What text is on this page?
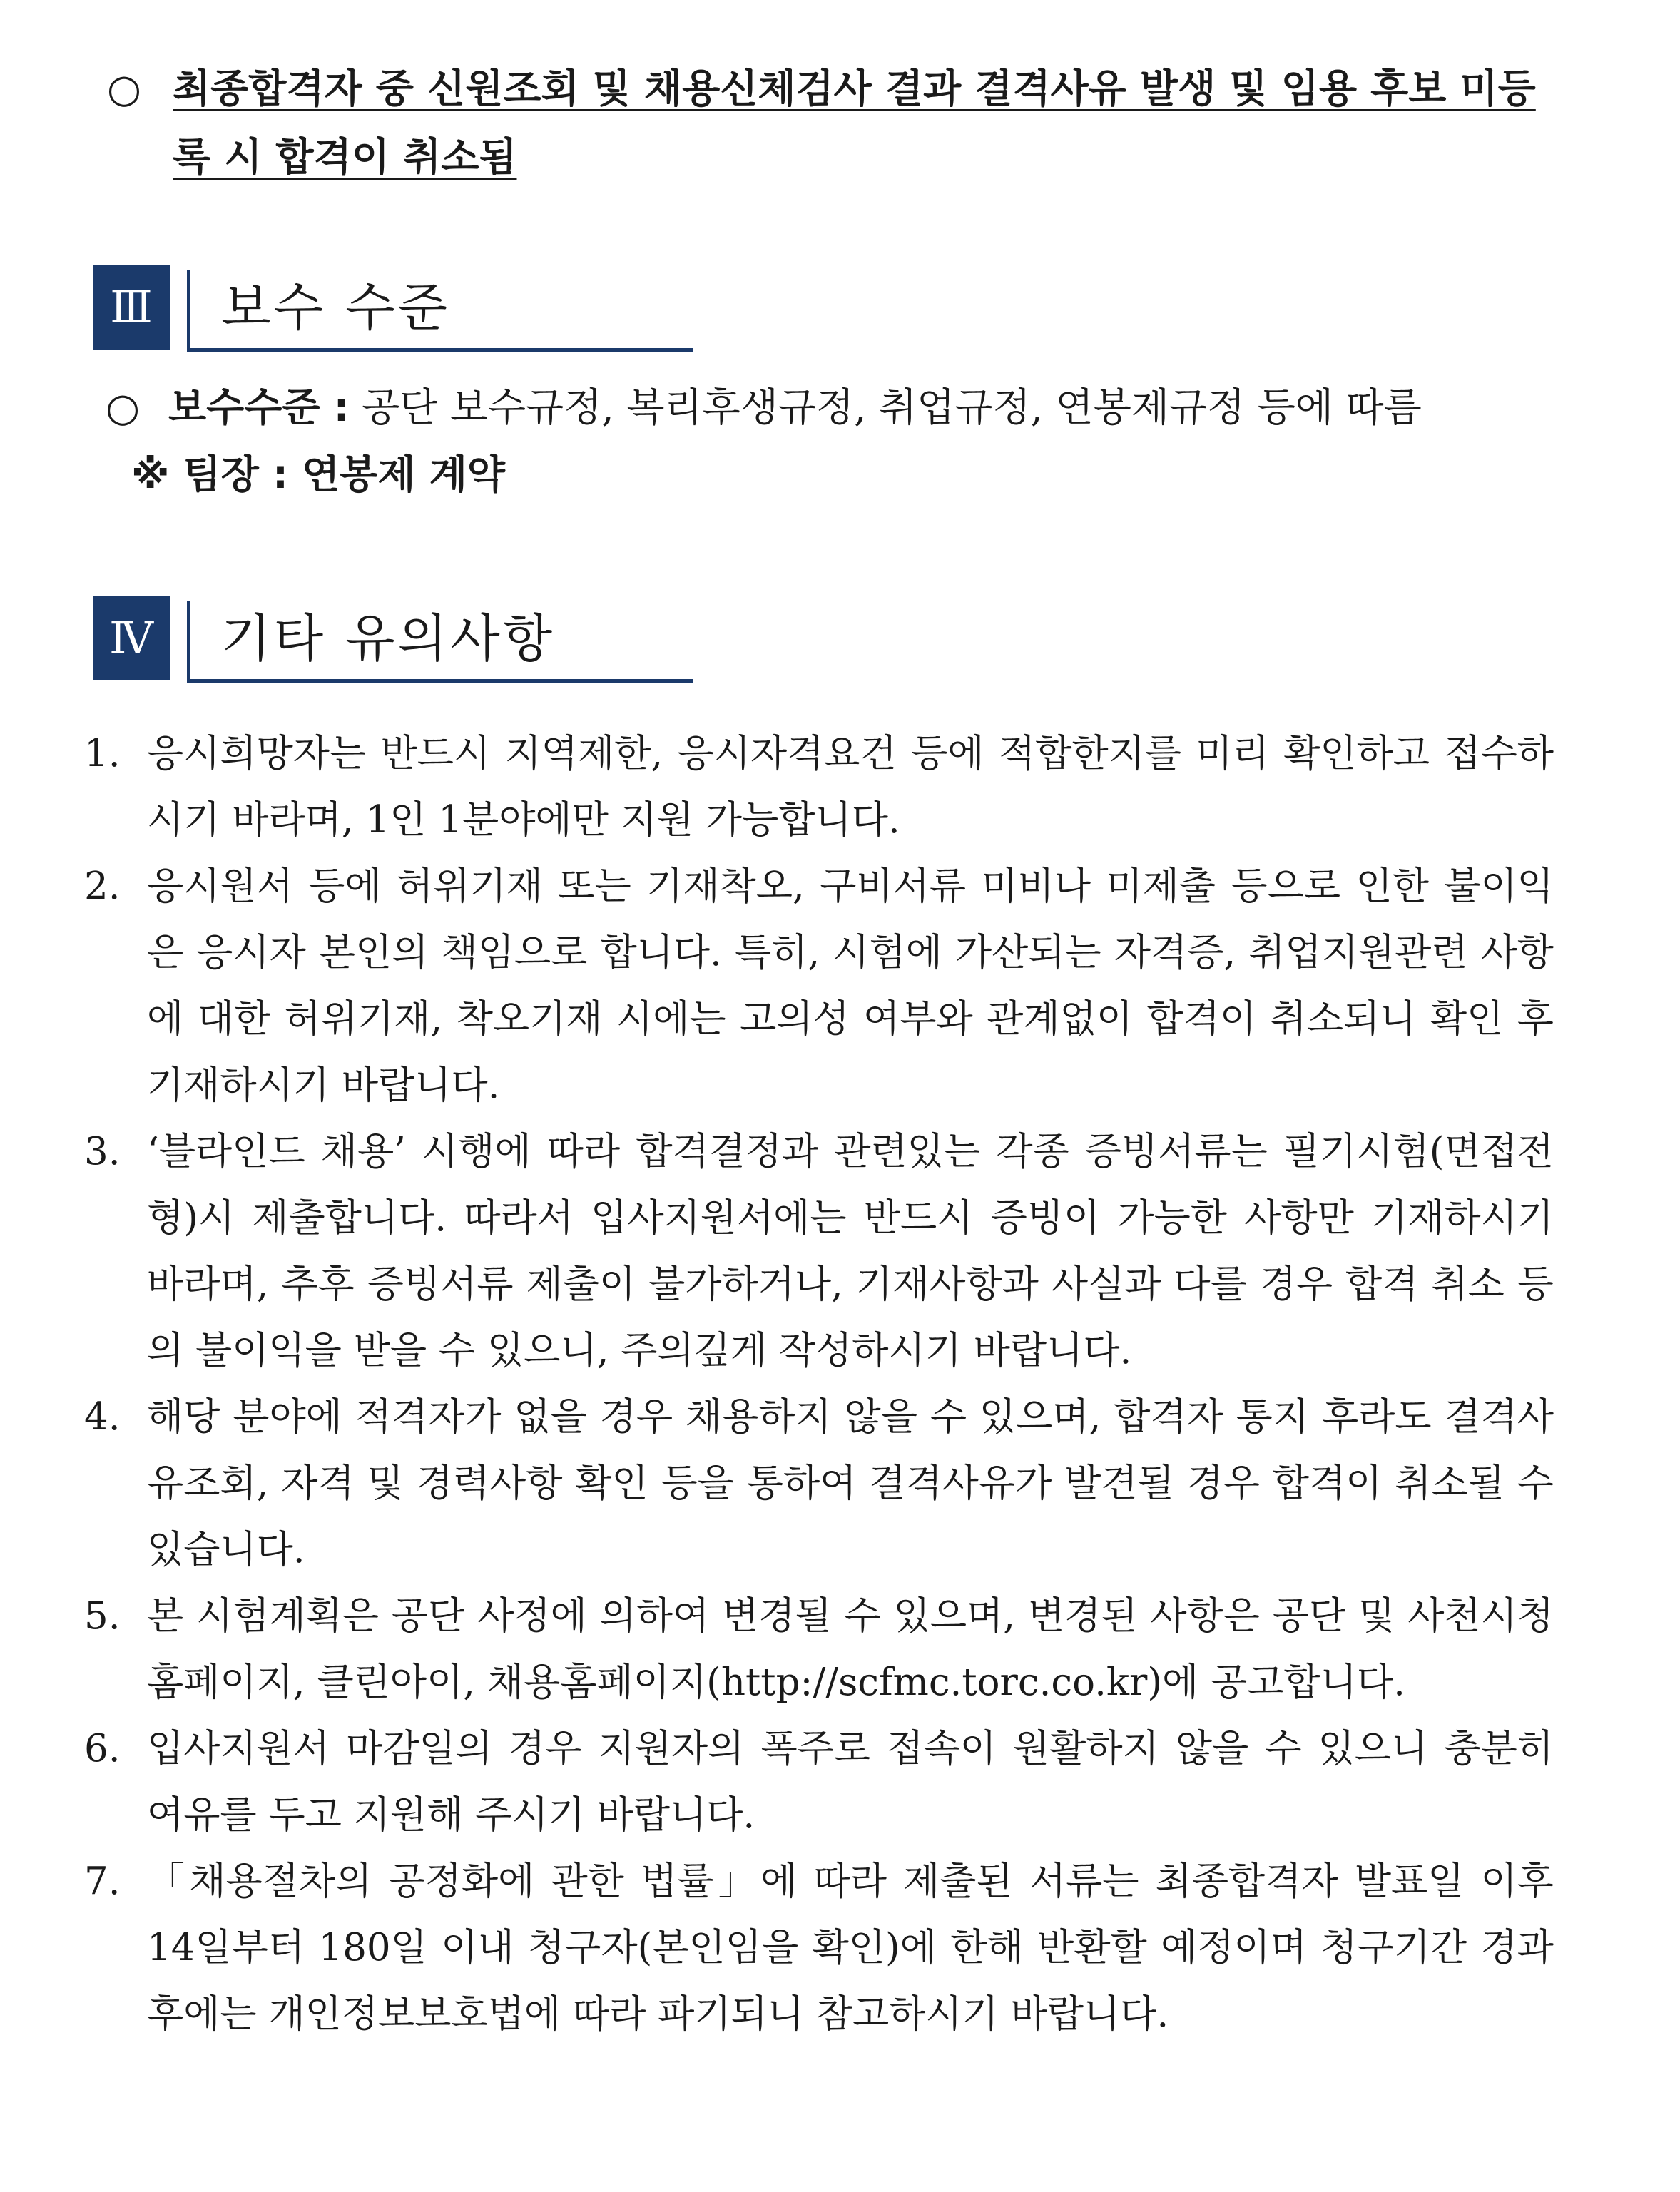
○ 최종합격자 중 신원조회 및 채용신체검사 결과 결격사유 발생 및 임용 후보 미등록 시 합격이 취소됨
Ⅲ	보수 수준
○ 보수수준 : 공단 보수규정, 복리후생규정, 취업규정, 연봉제규정 등에 따름
※ 팀장 : 연봉제 계약
Ⅳ	기타 유의사항
1. 응시희망자는 반드시 지역제한, 응시자격요건 등에 적합한지를 미리 확인하고 접수하시기 바라며, 1인 1분야에만 지원 가능합니다.
2. 응시원서 등에 허위기재 또는 기재착오, 구비서류 미비나 미제출 등으로 인한 불이익은 응시자 본인의 책임으로 합니다. 특히, 시험에 가산되는 자격증, 취업지원관련 사항에 대한 허위기재, 착오기재 시에는 고의성 여부와 관계없이 합격이 취소되니 확인 후 기재하시기 바랍니다.
3. ‘블라인드 채용’ 시행에 따라 합격결정과 관련있는 각종 증빙서류는 필기시험(면접전형)시 제출합니다. 따라서 입사지원서에는 반드시 증빙이 가능한 사항만 기재하시기 바라며, 추후 증빙서류 제출이 불가하거나, 기재사항과 사실과 다를 경우 합격 취소 등의 불이익을 받을 수 있으니, 주의깊게 작성하시기 바랍니다.
4. 해당 분야에 적격자가 없을 경우 채용하지 않을 수 있으며, 합격자 통지 후라도 결격사유조회, 자격 및 경력사항 확인 등을 통하여 결격사유가 발견될 경우 합격이 취소될 수 있습니다.
5. 본 시험계획은 공단 사정에 의하여 변경될 수 있으며, 변경된 사항은 공단 및 사천시청 홈페이지, 클린아이, 채용홈페이지(http://scfmc.torc.co.kr)에 공고합니다.
6. 입사지원서 마감일의 경우 지원자의 폭주로 접속이 원활하지 않을 수 있으니 충분히 여유를 두고 지원해 주시기 바랍니다.
7. 「채용절차의 공정화에 관한 법률」에 따라 제출된 서류는 최종합격자 발표일 이후 14일부터 180일 이내 청구자(본인임을 확인)에 한해 반환할 예정이며 청구기간 경과 후에는 개인정보보호법에 따라 파기되니 참고하시기 바랍니다.
